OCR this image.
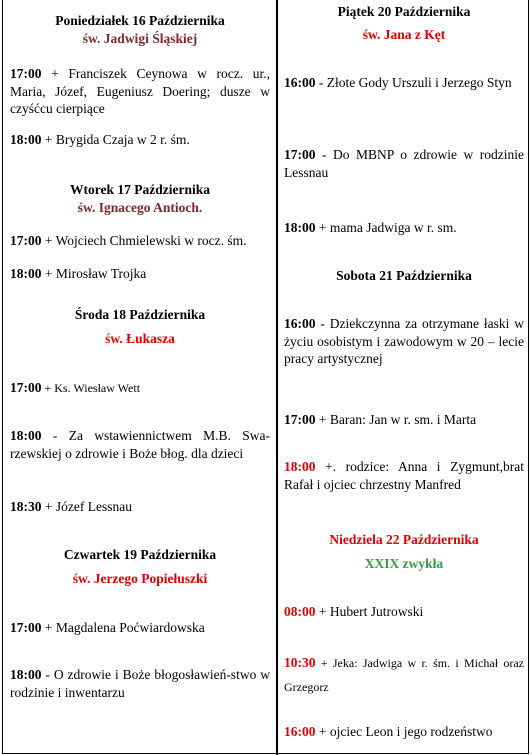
Poniedziałek 16 Października
św. Jadwigi Śląskiej
17:00 + Franciszek Ceynowa w rocz. ur., Maria, Józef, Eugeniusz Doering; dusze w czyśćcu cierpiące
18:00 + Brygida Czaja w 2 r. śm.
Wtorek 17 Października
św. Ignacego Antioch.
17:00 + Wojciech Chmielewski w rocz. śm.
18:00 + Mirosław Trojka
Środa 18 Października
św. Łukasza
17:00 + Ks. Wiesław Wett
18:00 - Za wstawiennictwem M.B. Swa-rzewskiej o zdrowie i Boże błog. dla dzieci
18:30 + Józef Lessnau
Czwartek 19 Października
św. Jerzego Popiełuszki
17:00 + Magdalena Poćwiardowska
18:00 - O zdrowie i Boże błogosławień-stwo w rodzinie i inwentarzu
Piątek 20 Października
św. Jana z Kęt
16:00 - Złote Gody Urszuli i Jerzego Styn
17:00 - Do MBNP o zdrowie w rodzinie Lessnau
18:00 + mama Jadwiga w r. sm.
Sobota 21 Października
16:00 - Dziekczynna za otrzymane łaski w życiu osobistym i zawodowym w 20 – lecie pracy artystycznej
17:00 + Baran: Jan w r. sm. i Marta
18:00 +. rodzice: Anna i Zygmunt,brat Rafał i ojciec chrzestny Manfred
Niedziela 22 Października
XXIX zwykła
08:00 + Hubert Jutrowski
10:30 + Jeka: Jadwiga w r. śm. i Michał oraz Grzegorz
16:00 + ojciec Leon i jego rodzeństwo
